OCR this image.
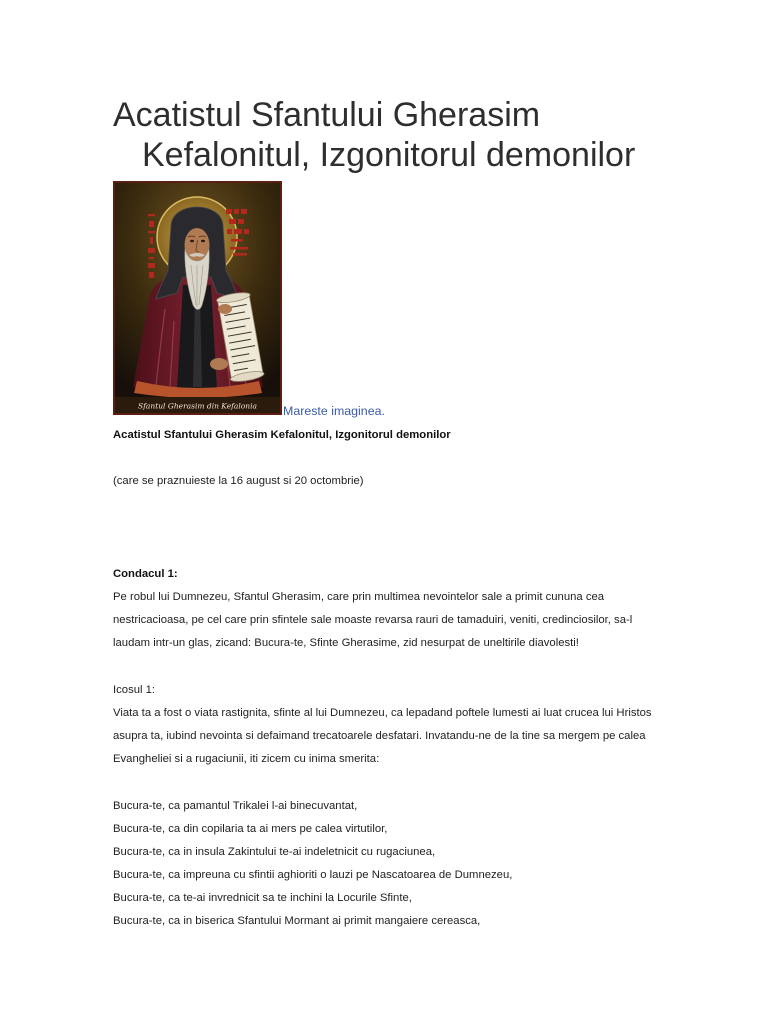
Acatistul Sfantului Gherasim Kefalonitul, Izgonitorul demonilor
Sfantul Gherasim din Kefalonia Mareste imaginea.
Acatistul Sfantului Gherasim Kefalonitul, Izgonitorul demonilor
(care se praznuieste la 16 august si 20 octombrie)
Condacul 1:
Pe robul lui Dumnezeu, Sfantul Gherasim, care prin multimea nevointelor sale a primit cununa cea
nestricacioasa, pe cel care prin sfintele sale moaste revarsa rauri de tamaduiri, veniti, credinciosilor, sa-l
laudam intr-un glas, zicand: Bucura-te, Sfinte Gherasime, zid nesurpat de uneltirile diavolesti!
Icosul 1:
Viata ta a fost o viata rastignita, sfinte al lui Dumnezeu, ca lepadand poftele lumesti ai luat crucea lui Hristos
asupra ta, iubind nevointa si defaimand trecatoarele desfatari. Invatandu-ne de la tine sa mergem pe calea
Evangheliei si a rugaciunii, iti zicem cu inima smerita:
Bucura-te, ca pamantul Trikalei l-ai binecuvantat,
Bucura-te, ca din copilaria ta ai mers pe calea virtutilor,
Bucura-te, ca in insula Zakintului te-ai indeletnicit cu rugaciunea,
Bucura-te, ca impreuna cu sfintii aghioriti o lauzi pe Nascatoarea de Dumnezeu,
Bucura-te, ca te-ai invrednicit sa te inchini la Locurile Sfinte,
Bucura-te, ca in biserica Sfantului Mormant ai primit mangaiere cereasca,
